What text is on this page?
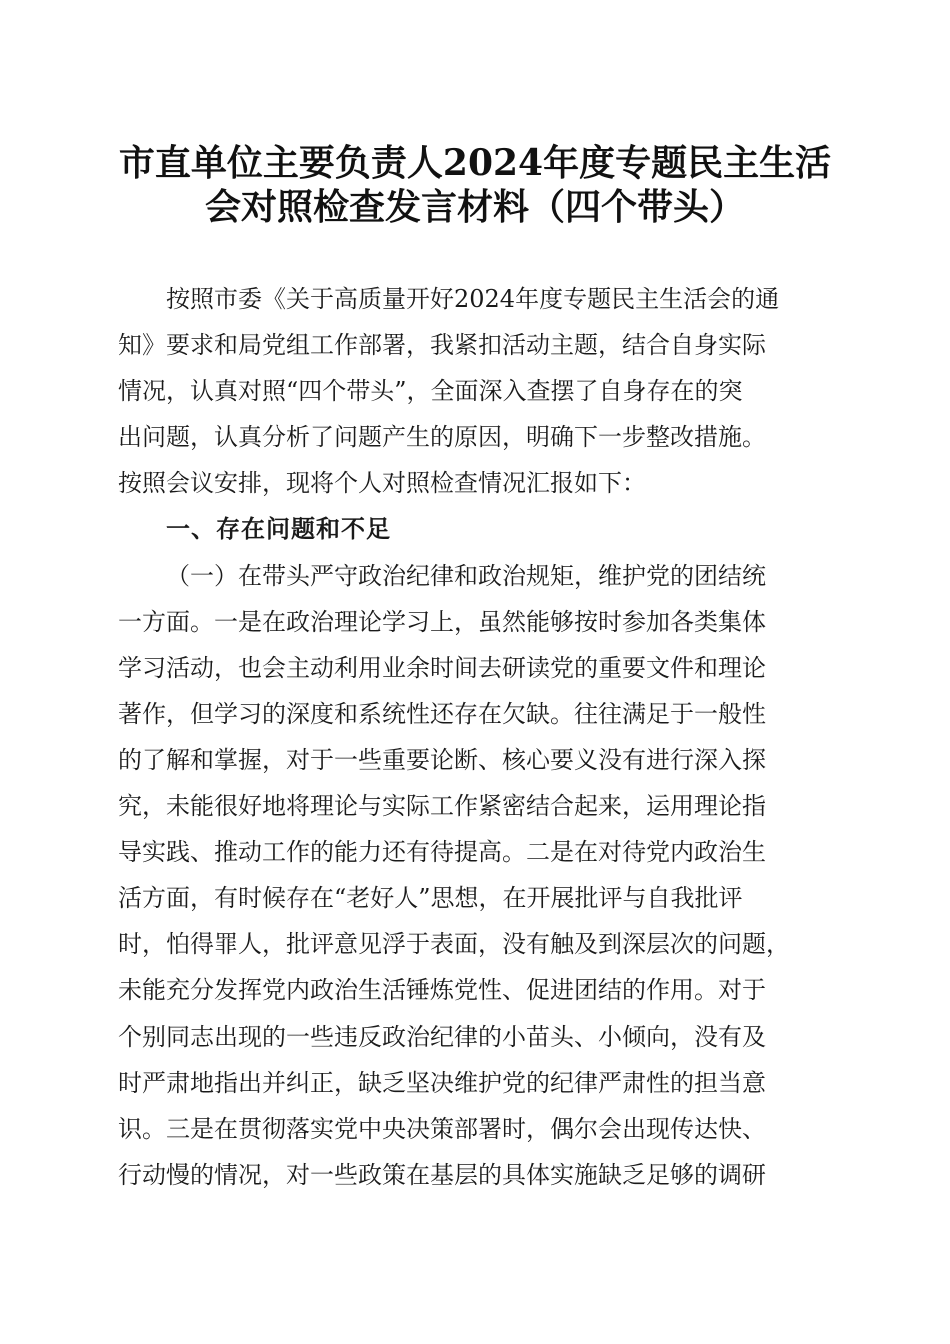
市直单位主要负责人2024年度专题民主生活
会对照检查发言材料（四个带头）
按照市委《关于高质量开好2024年度专题民主生活会的通
知》要求和局党组工作部署，我紧扣活动主题，结合自身实际
情况，认真对照“四个带头”，全面深入查摆了自身存在的突
出问题，认真分析了问题产生的原因，明确下一步整改措施。
按照会议安排，现将个人对照检查情况汇报如下：
一、存在问题和不足
（一）在带头严守政治纪律和政治规矩，维护党的团结统
一方面。一是在政治理论学习上，虽然能够按时参加各类集体
学习活动，也会主动利用业余时间去研读党的重要文件和理论
著作，但学习的深度和系统性还存在欠缺。往往满足于一般性
的了解和掌握，对于一些重要论断、核心要义没有进行深入探
究，未能很好地将理论与实际工作紧密结合起来，运用理论指
导实践、推动工作的能力还有待提高。二是在对待党内政治生
活方面，有时候存在“老好人”思想，在开展批评与自我批评
时，怕得罪人，批评意见浮于表面，没有触及到深层次的问题，
未能充分发挥党内政治生活锤炼党性、促进团结的作用。对于
个别同志出现的一些违反政治纪律的小苗头、小倾向，没有及
时严肃地指出并纠正，缺乏坚决维护党的纪律严肃性的担当意
识。三是在贯彻落实党中央决策部署时，偶尔会出现传达快、
行动慢的情况，对一些政策在基层的具体实施缺乏足够的调研
